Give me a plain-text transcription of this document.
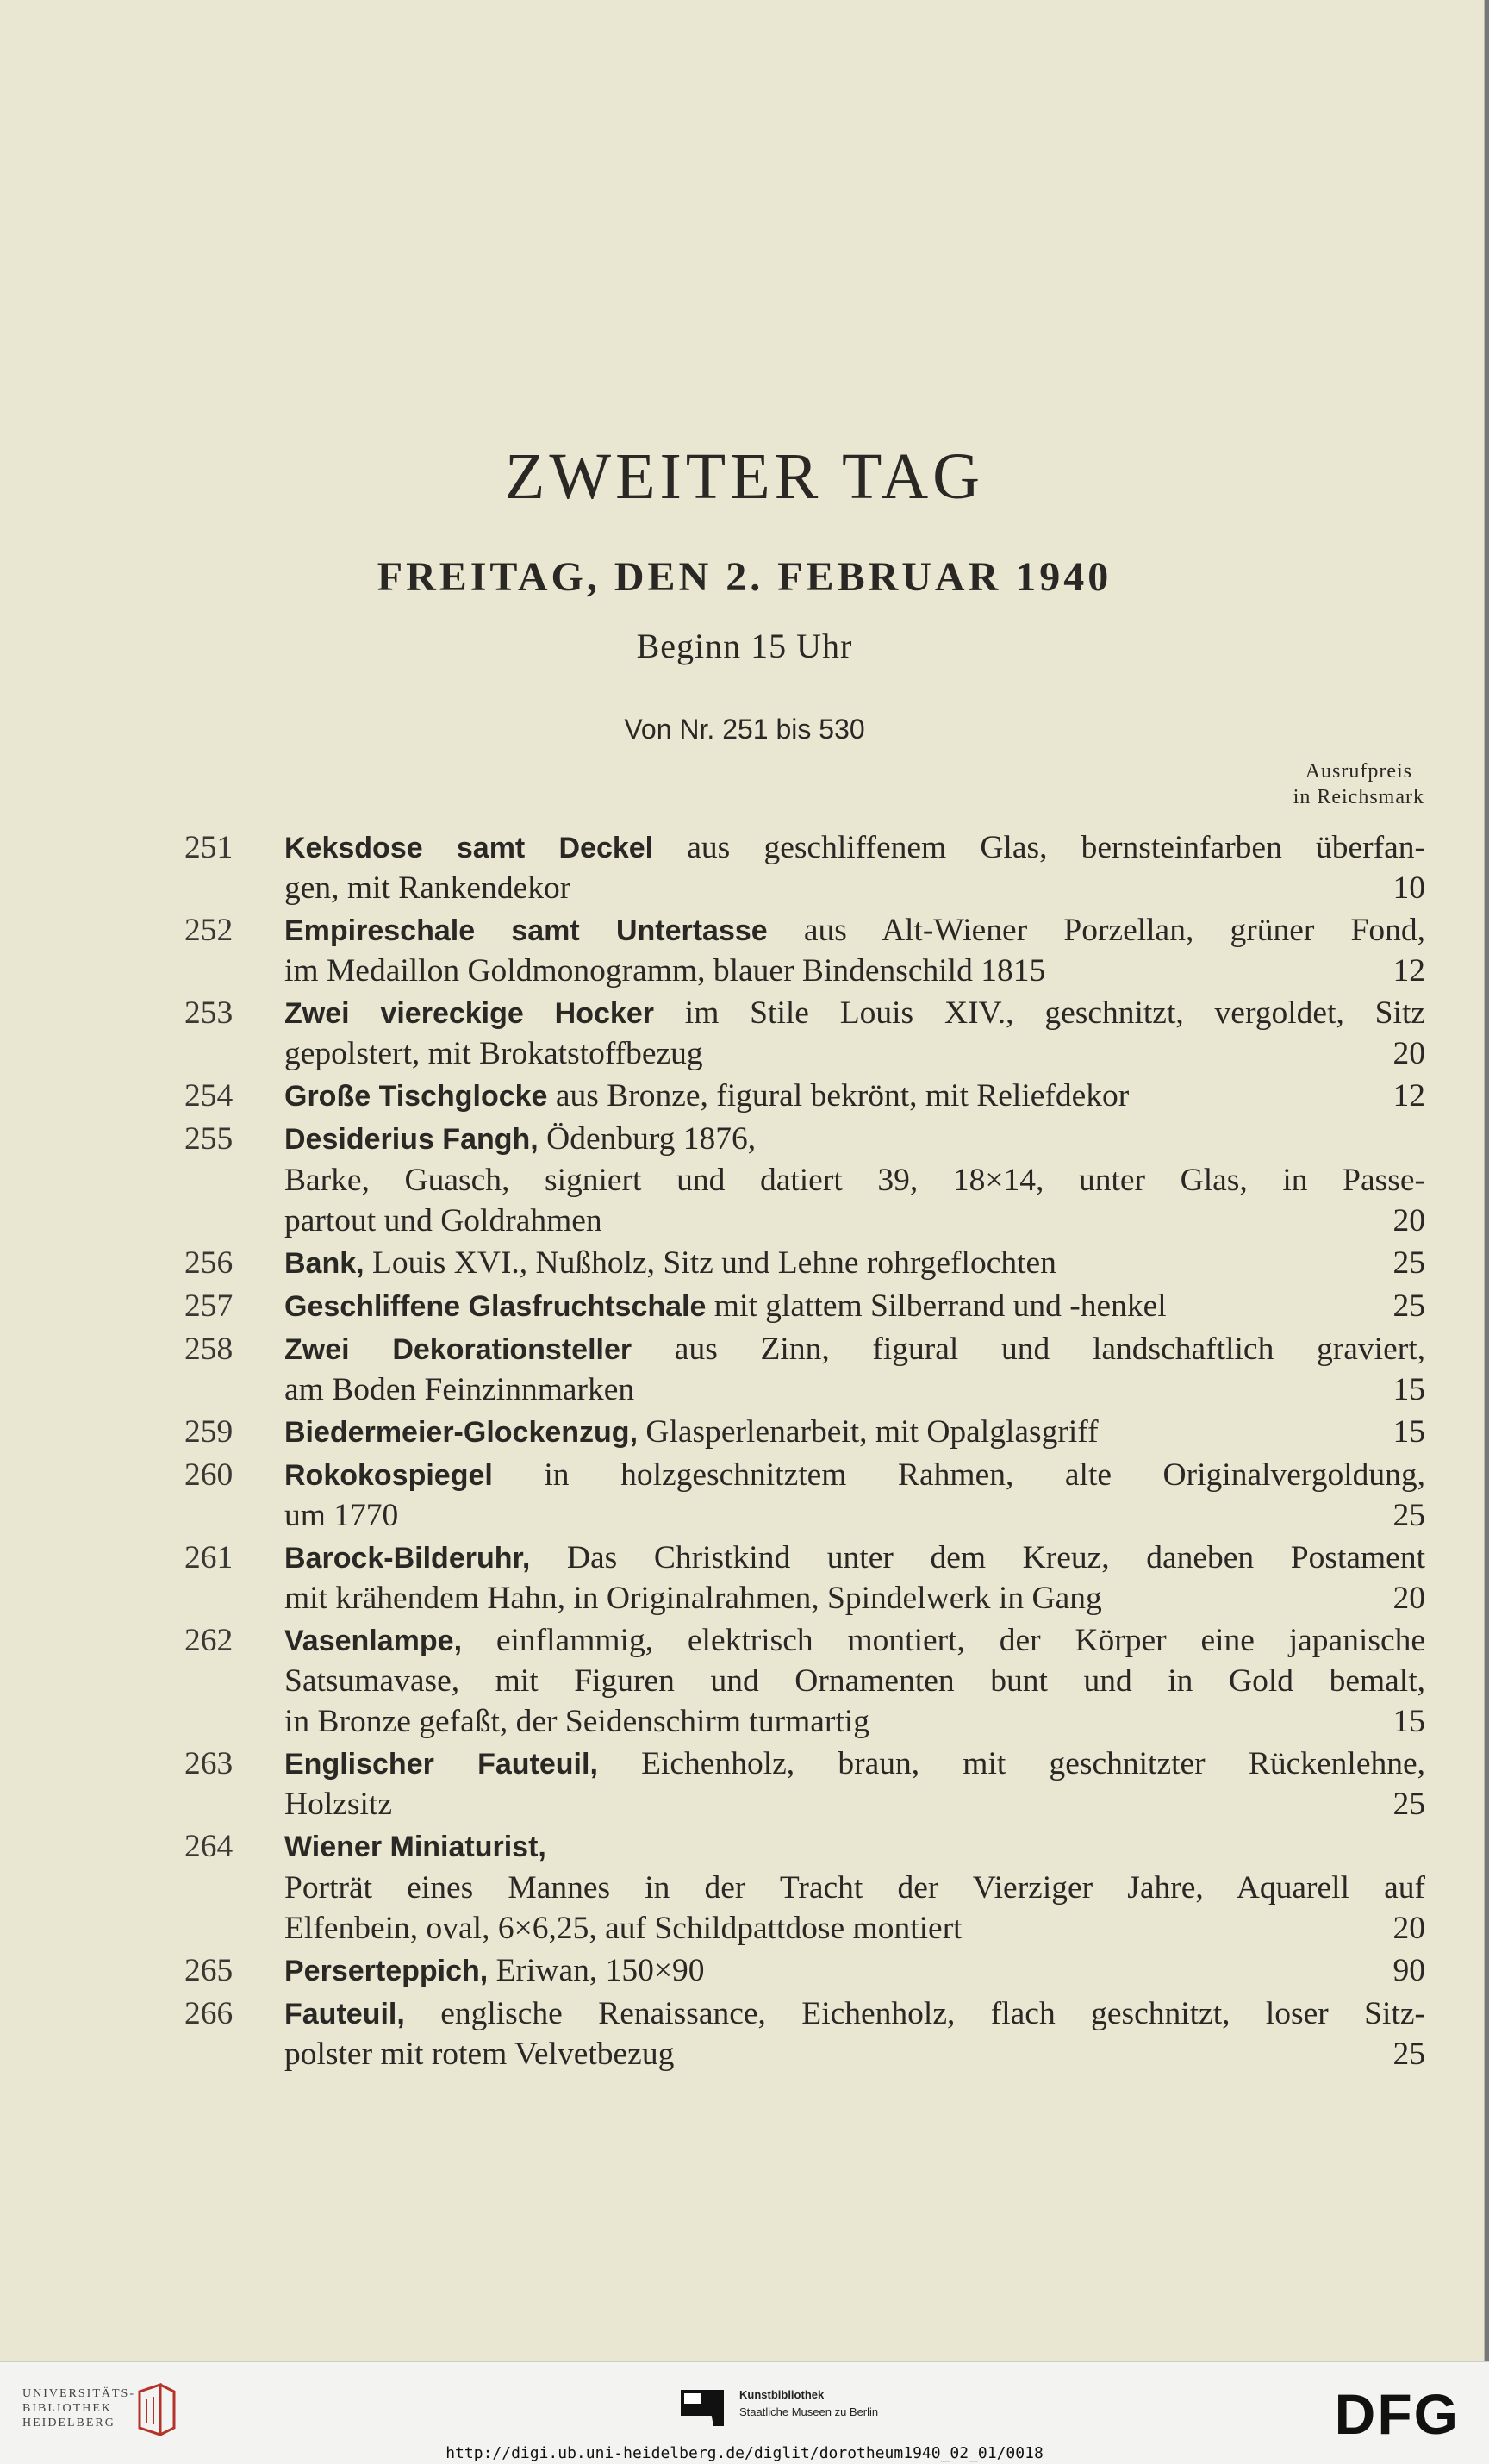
ZWEITER TAG
FREITAG, DEN 2. FEBRUAR 1940
Beginn 15 Uhr
Von Nr. 251 bis 530
Ausrufpreis
in Reichsmark
251	Keksdose samt Deckel aus geschliffenem Glas, bernsteinfarben überfan-
gen, mit Rankendekor	10
252	Empireschale samt Untertasse aus Alt-Wiener Porzellan, grüner Fond,
im Medaillon Goldmonogramm, blauer Bindenschild 1815	12
253	Zwei viereckige Hocker im Stile Louis XIV., geschnitzt, vergoldet, Sitz
gepolstert, mit Brokatstoffbezug	20
254	Große Tischglocke aus Bronze, figural bekrönt, mit Reliefdekor	12
255	Desiderius Fangh, Ödenburg 1876,
Barke, Guasch, signiert und datiert 39, 18×14, unter Glas, in Passe-
partout und Goldrahmen	20
256	Bank, Louis XVI., Nußholz, Sitz und Lehne rohrgeflochten	25
257	Geschliffene Glasfruchtschale mit glattem Silberrand und -henkel	25
258	Zwei Dekorationsteller aus Zinn, figural und landschaftlich graviert,
am Boden Feinzinnmarken	15
259	Biedermeier-Glockenzug, Glasperlenarbeit, mit Opalglasgriff	15
260	Rokokospiegel in holzgeschnitztem Rahmen, alte Originalvergoldung,
um 1770	25
261	Barock-Bilderuhr, Das Christkind unter dem Kreuz, daneben Postament
mit krähendem Hahn, in Originalrahmen, Spindelwerk in Gang	20
262	Vasenlampe, einflammig, elektrisch montiert, der Körper eine japanische
Satsumavase, mit Figuren und Ornamenten bunt und in Gold bemalt,
in Bronze gefaßt, der Seidenschirm turmartig	15
263	Englischer Fauteuil, Eichenholz, braun, mit geschnitzter Rückenlehne,
Holzsitz	25
264	Wiener Miniaturist,
Porträt eines Mannes in der Tracht der Vierziger Jahre, Aquarell auf
Elfenbein, oval, 6×6,25, auf Schildpattdose montiert	20
265	Perserteppich, Eriwan, 150×90	90
266	Fauteuil, englische Renaissance, Eichenholz, flach geschnitzt, loser Sitz-
polster mit rotem Velvetbezug	25
UNIVERSITÄTS-
BIBLIOTHEK
HEIDELBERG
Kunstbibliothek
Staatliche Museen zu Berlin	DFG
http://digi.ub.uni-heidelberg.de/diglit/dorotheum1940_02_01/0018
